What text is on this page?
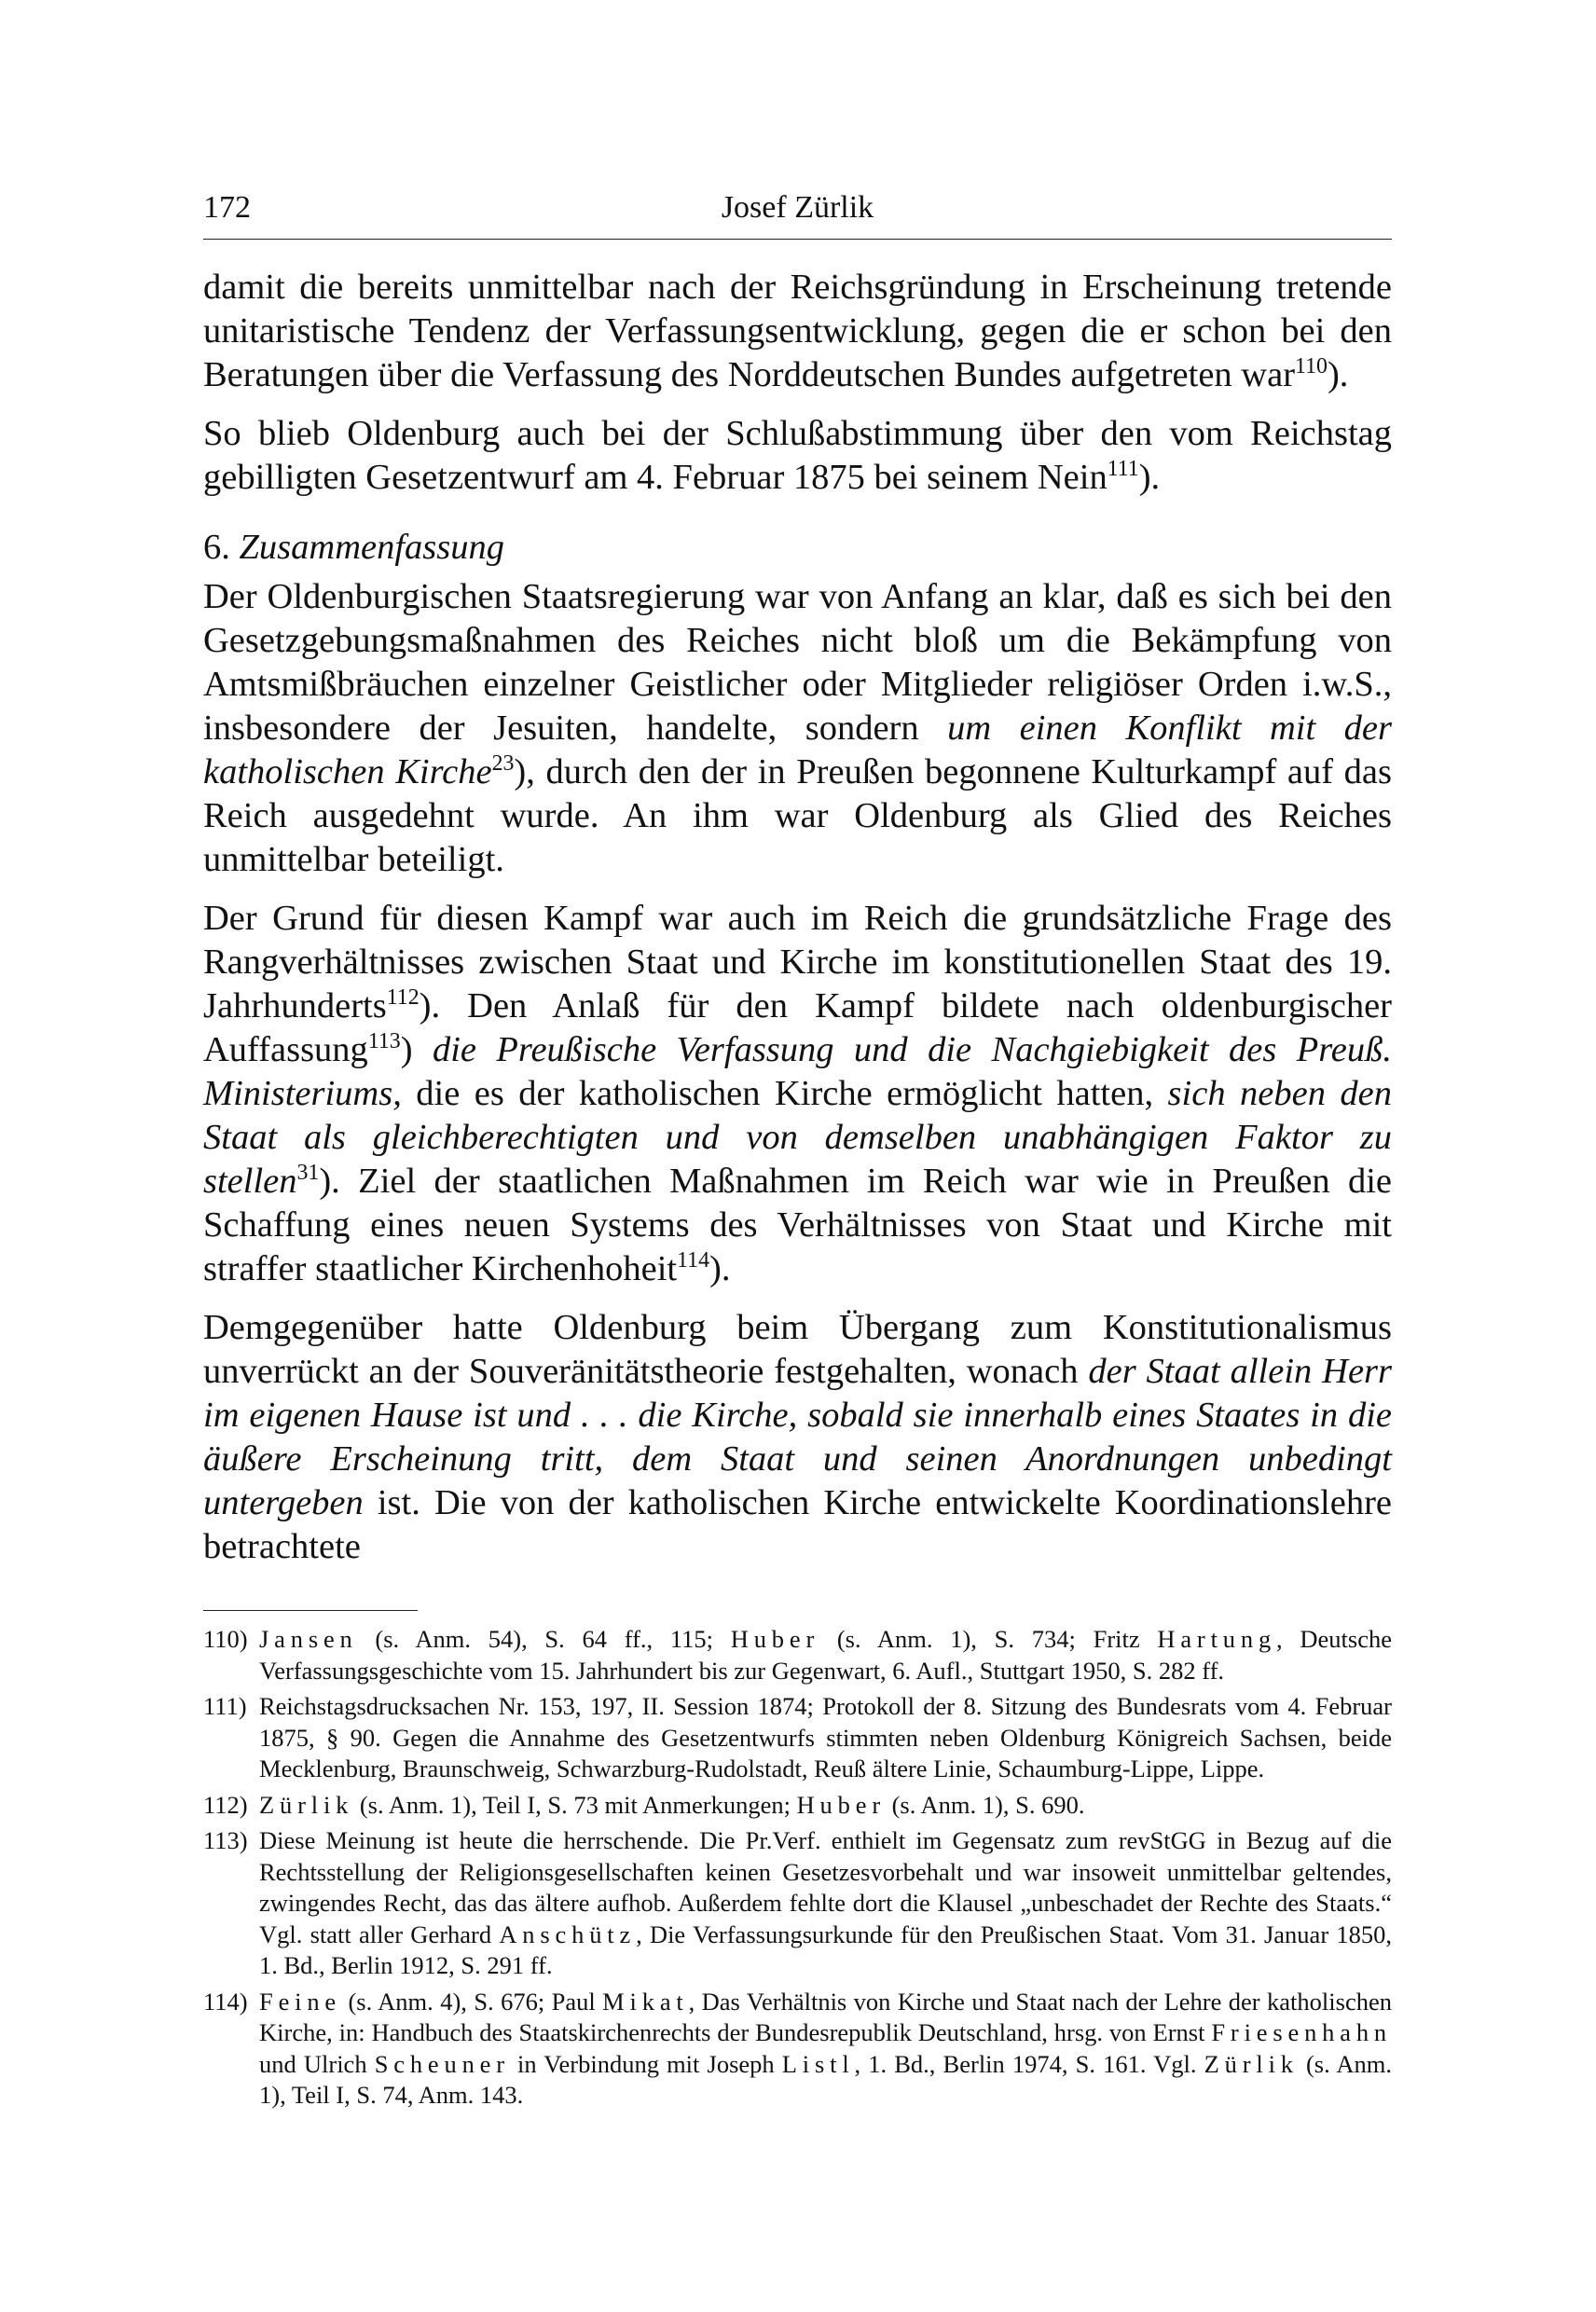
172	Josef Zürlik

damit die bereits unmittelbar nach der Reichsgründung in Erscheinung tretende unitaristische Tendenz der Verfassungsentwicklung, gegen die er schon bei den Beratungen über die Verfassung des Norddeutschen Bundes aufgetreten war$^{110}$).

So blieb Oldenburg auch bei der Schlußabstimmung über den vom Reichstag gebilligten Gesetzentwurf am 4. Februar 1875 bei seinem Nein$^{111}$).

6. Zusammenfassung

Der Oldenburgischen Staatsregierung war von Anfang an klar, daß es sich bei den Gesetzgebungsmaßnahmen des Reiches nicht bloß um die Bekämpfung von Amtsmißbräuchen einzelner Geistlicher oder Mitglieder religiöser Orden i.w.S., insbesondere der Jesuiten, handelte, sondern um einen Konflikt mit der katholischen Kirche$^{23}$), durch den der in Preußen begonnene Kulturkampf auf das Reich ausgedehnt wurde. An ihm war Oldenburg als Glied des Reiches unmittelbar beteiligt.

Der Grund für diesen Kampf war auch im Reich die grundsätzliche Frage des Rangverhältnisses zwischen Staat und Kirche im konstitutionellen Staat des 19. Jahrhunderts$^{112}$). Den Anlaß für den Kampf bildete nach oldenburgischer Auffassung$^{113}$) die Preußische Verfassung und die Nachgiebigkeit des Preuß. Ministeriums, die es der katholischen Kirche ermöglicht hatten, sich neben den Staat als gleichberechtigten und von demselben unabhängigen Faktor zu stellen$^{31}$). Ziel der staatlichen Maßnahmen im Reich war wie in Preußen die Schaffung eines neuen Systems des Verhältnisses von Staat und Kirche mit straffer staatlicher Kirchenhoheit$^{114}$).

Demgegenüber hatte Oldenburg beim Übergang zum Konstitutionalismus unverrückt an der Souveränitätstheorie festgehalten, wonach der Staat allein Herr im eigenen Hause ist und . . . die Kirche, sobald sie innerhalb eines Staates in die äußere Erscheinung tritt, dem Staat und seinen Anordnungen unbedingt untergeben ist. Die von der katholischen Kirche entwickelte Koordinationslehre betrachtete

110) Jansen (s. Anm. 54), S. 64 ff., 115; Huber (s. Anm. 1), S. 734; Fritz Hartung, Deutsche Verfassungsgeschichte vom 15. Jahrhundert bis zur Gegenwart, 6. Aufl., Stuttgart 1950, S. 282 ff.
111) Reichstagsdrucksachen Nr. 153, 197, II. Session 1874; Protokoll der 8. Sitzung des Bundesrats vom 4. Februar 1875, § 90. Gegen die Annahme des Gesetzentwurfs stimmten neben Oldenburg Königreich Sachsen, beide Mecklenburg, Braunschweig, Schwarzburg-Rudolstadt, Reuß ältere Linie, Schaumburg-Lippe, Lippe.
112) Zürlik (s. Anm. 1), Teil I, S. 73 mit Anmerkungen; Huber (s. Anm. 1), S. 690.
113) Diese Meinung ist heute die herrschende. Die Pr.Verf. enthielt im Gegensatz zum revStGG in Bezug auf die Rechtsstellung der Religionsgesellschaften keinen Gesetzesvorbehalt und war insoweit unmittelbar geltendes, zwingendes Recht, das das ältere aufhob. Außerdem fehlte dort die Klausel „unbeschadet der Rechte des Staats.“ Vgl. statt aller Gerhard Anschütz, Die Verfassungsurkunde für den Preußischen Staat. Vom 31. Januar 1850, 1. Bd., Berlin 1912, S. 291 ff.
114) Feine (s. Anm. 4), S. 676; Paul Mikat, Das Verhältnis von Kirche und Staat nach der Lehre der katholischen Kirche, in: Handbuch des Staatskirchenrechts der Bundesrepublik Deutschland, hrsg. von Ernst Friesenhahn und Ulrich Scheuner in Verbindung mit Joseph Listl, 1. Bd., Berlin 1974, S. 161. Vgl. Zürlik (s. Anm. 1), Teil I, S. 74, Anm. 143.
